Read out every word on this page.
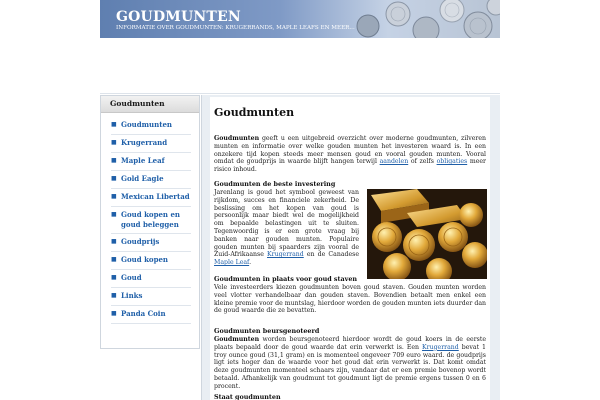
GOUDMUNTEN
INFORMATIE OVER GOUDMUNTEN: KRUGERRANDS, MAPLE LEAFS EN MEER...
Goudmunten
■ Goudmunten
■ Krugerrand
■ Maple Leaf
■ Gold Eagle
■ Mexican Libertad
■ Goud kopen en goud beleggen
■ Goudprijs
■ Goud kopen
■ Goud
■ Links
■ Panda Coin
Goudmunten

Goudmunten geeft u een uitgebreid overzicht over moderne goudmunten, zilveren munten en informatie over welke gouden munten het investeren waard is. In een onzekere tijd kopen steeds meer mensen goud en vooral gouden munten. Vooral omdat de goudprijs in waarde blijft hangen terwijl aandelen of zelfs obligaties meer risico inhoud.

Goudmunten de beste investering

Jarenlang is goud het symbool geweest van rijkdom, succes en financiele zekerheid. De beslissing om het kopen van goud is persoonlijk maar biedt wel de mogelijkheid om bepaalde belastingen uit te sluiten. Tegenwoordig is er een grote vraag bij banken naar gouden munten. Populaire gouden munten bij spaarders zijn vooral de Zuid-Afrikaanse Krugerrand en de Canadese Maple Leaf.

Goudmunten in plaats voor goud staven

Vele investeerders kiezen goudmunten boven goud staven. Gouden munten worden veel vlotter verhandelbaar dan gouden staven. Bovendien betaalt men enkel een kleine premie voor de muntslag, hierdoor worden de gouden munten iets duurder dan de goud waarde die ze bevatten.

Goudmunten beursgenoteerd

Goudmunten worden beursgenoteerd hierdoor wordt de goud koers in de eerste plaats bepaald door de goud waarde dat erin verwerkt is. Een Krugerrand bevat 1 troy ounce goud (31,1 gram) en is momenteel ongeveer 709 euro waard. de goudprijs ligt iets hoger dan de waarde voor het goud dat erin verwerkt is. Dat komt omdat deze goudmunten momenteel schaars zijn, vandaar dat er een premie bovenop wordt betaald. Afhankelijk van goudmunt tot goudmunt ligt de premie ergens tussen 0 en 6 procent.

Staat goudmunten
